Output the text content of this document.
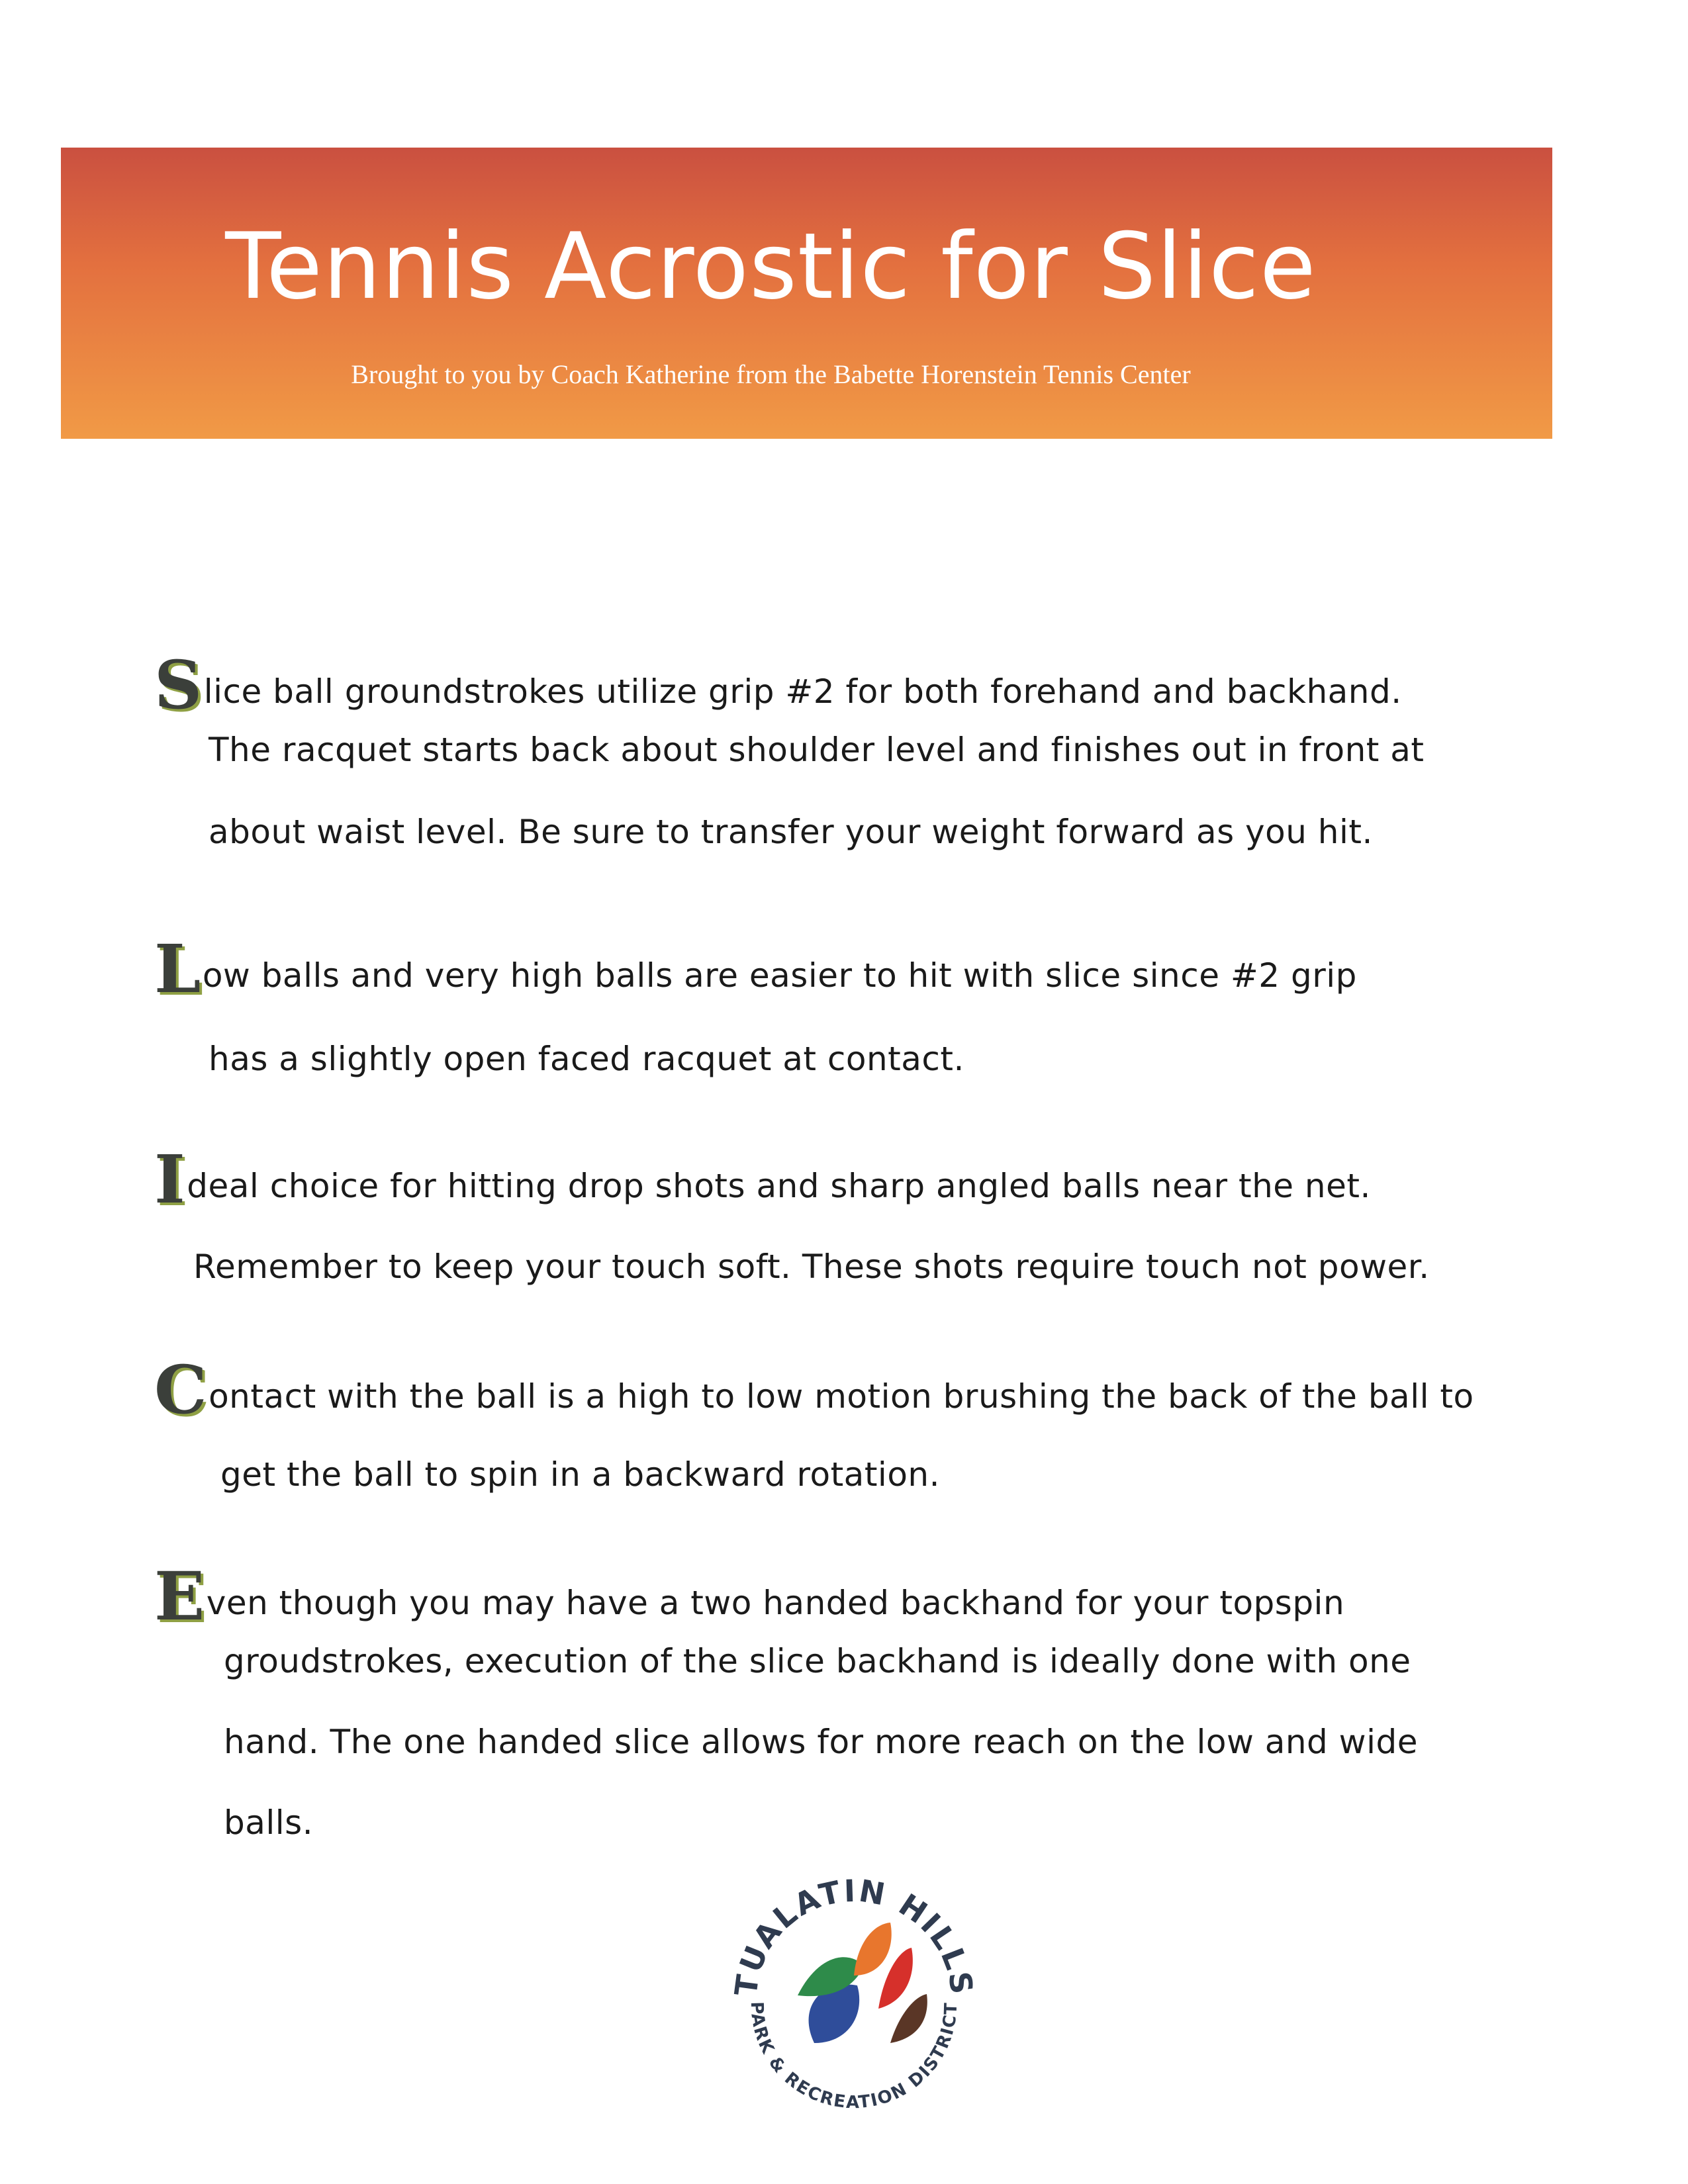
Tennis Acrostic for Slice
Brought to you by Coach Katherine from the Babette Horenstein Tennis Center
Slice ball groundstrokes utilize grip #2 for both forehand and backhand.
The racquet starts back about shoulder level and finishes out in front at
about waist level. Be sure to transfer your weight forward as you hit.
Low balls and very high balls are easier to hit with slice since #2 grip
has a slightly open faced racquet at contact.
Ideal choice for hitting drop shots and sharp angled balls near the net.
Remember to keep your touch soft. These shots require touch not power.
Contact with the ball is a high to low motion brushing the back of the ball to
get the ball to spin in a backward rotation.
Even though you may have a two handed backhand for your topspin
groudstrokes, execution of the slice backhand is ideally done with one
hand. The one handed slice allows for more reach on the low and wide
balls.
TUALATIN HILLS
PARK & RECREATION DISTRICT
